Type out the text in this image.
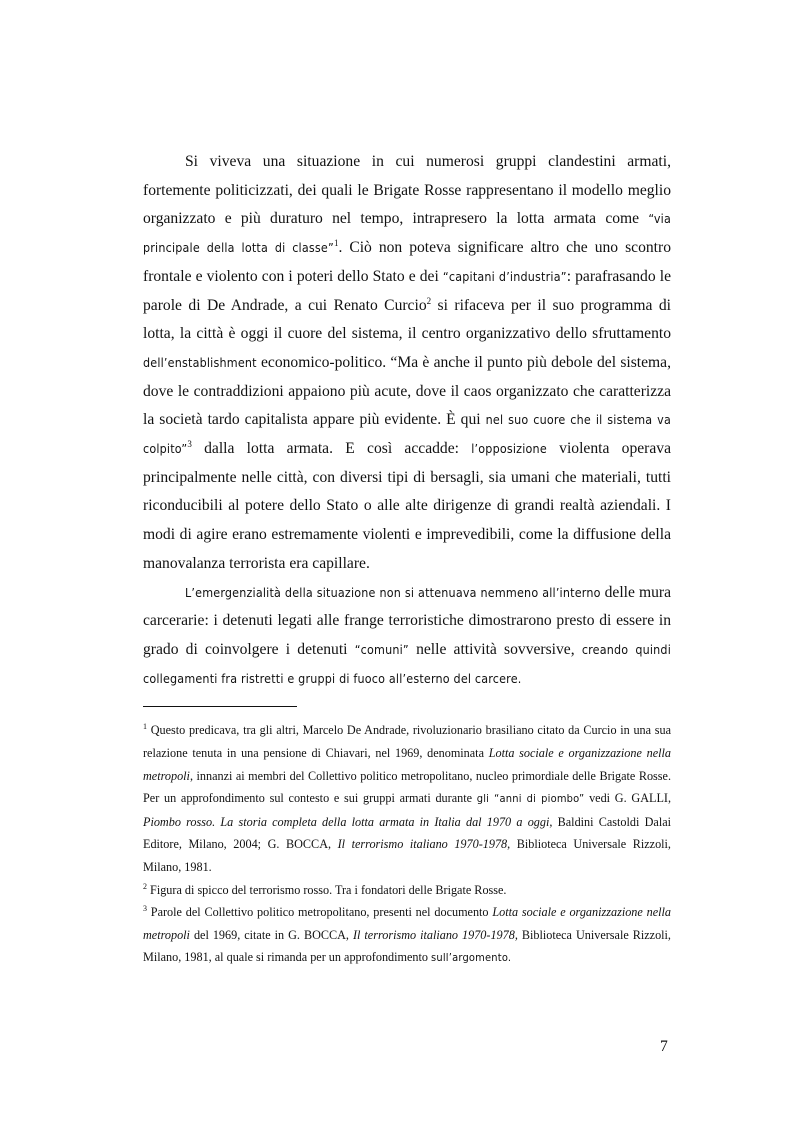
Si viveva una situazione in cui numerosi gruppi clandestini armati, fortemente politicizzati, dei quali le Brigate Rosse rappresentano il modello meglio organizzato e più duraturo nel tempo, intrapresero la lotta armata come “via principale della lotta di classe”$^1$. Ciò non poteva significare altro che uno scontro frontale e violento con i poteri dello Stato e dei “capitani d’industria”: parafrasando le parole di De Andrade, a cui Renato Curcio$^2$ si rifaceva per il suo programma di lotta, la città è oggi il cuore del sistema, il centro organizzativo dello sfruttamento dell’enstablishment economico-politico. “Ma è anche il punto più debole del sistema, dove le contraddizioni appaiono più acute, dove il caos organizzato che caratterizza la società tardo capitalista appare più evidente. È qui nel suo cuore che il sistema va colpito”$^3$ dalla lotta armata. E così accadde: l’opposizione violenta operava principalmente nelle città, con diversi tipi di bersagli, sia umani che materiali, tutti riconducibili al potere dello Stato o alle alte dirigenze di grandi realtà aziendali. I modi di agire erano estremamente violenti e imprevedibili, come la diffusione della manovalanza terrorista era capillare.

L’emergenzialità della situazione non si attenuava nemmeno all’interno delle mura carcerarie: i detenuti legati alle frange terroristiche dimostrarono presto di essere in grado di coinvolgere i detenuti “comuni” nelle attività sovversive, creando quindi collegamenti fra ristretti e gruppi di fuoco all’esterno del carcere.

$^1$ Questo predicava, tra gli altri, Marcelo De Andrade, rivoluzionario brasiliano citato da Curcio in una sua relazione tenuta in una pensione di Chiavari, nel 1969, denominata Lotta sociale e organizzazione nella metropoli, innanzi ai membri del Collettivo politico metropolitano, nucleo primordiale delle Brigate Rosse. Per un approfondimento sul contesto e sui gruppi armati durante gli “anni di piombo” vedi G. GALLI, Piombo rosso. La storia completa della lotta armata in Italia dal 1970 a oggi, Baldini Castoldi Dalai Editore, Milano, 2004; G. BOCCA, Il terrorismo italiano 1970-1978, Biblioteca Universale Rizzoli, Milano, 1981.

$^2$ Figura di spicco del terrorismo rosso. Tra i fondatori delle Brigate Rosse.

$^3$ Parole del Collettivo politico metropolitano, presenti nel documento Lotta sociale e organizzazione nella metropoli del 1969, citate in G. BOCCA, Il terrorismo italiano 1970-1978, Biblioteca Universale Rizzoli, Milano, 1981, al quale si rimanda per un approfondimento sull’argomento.

7
